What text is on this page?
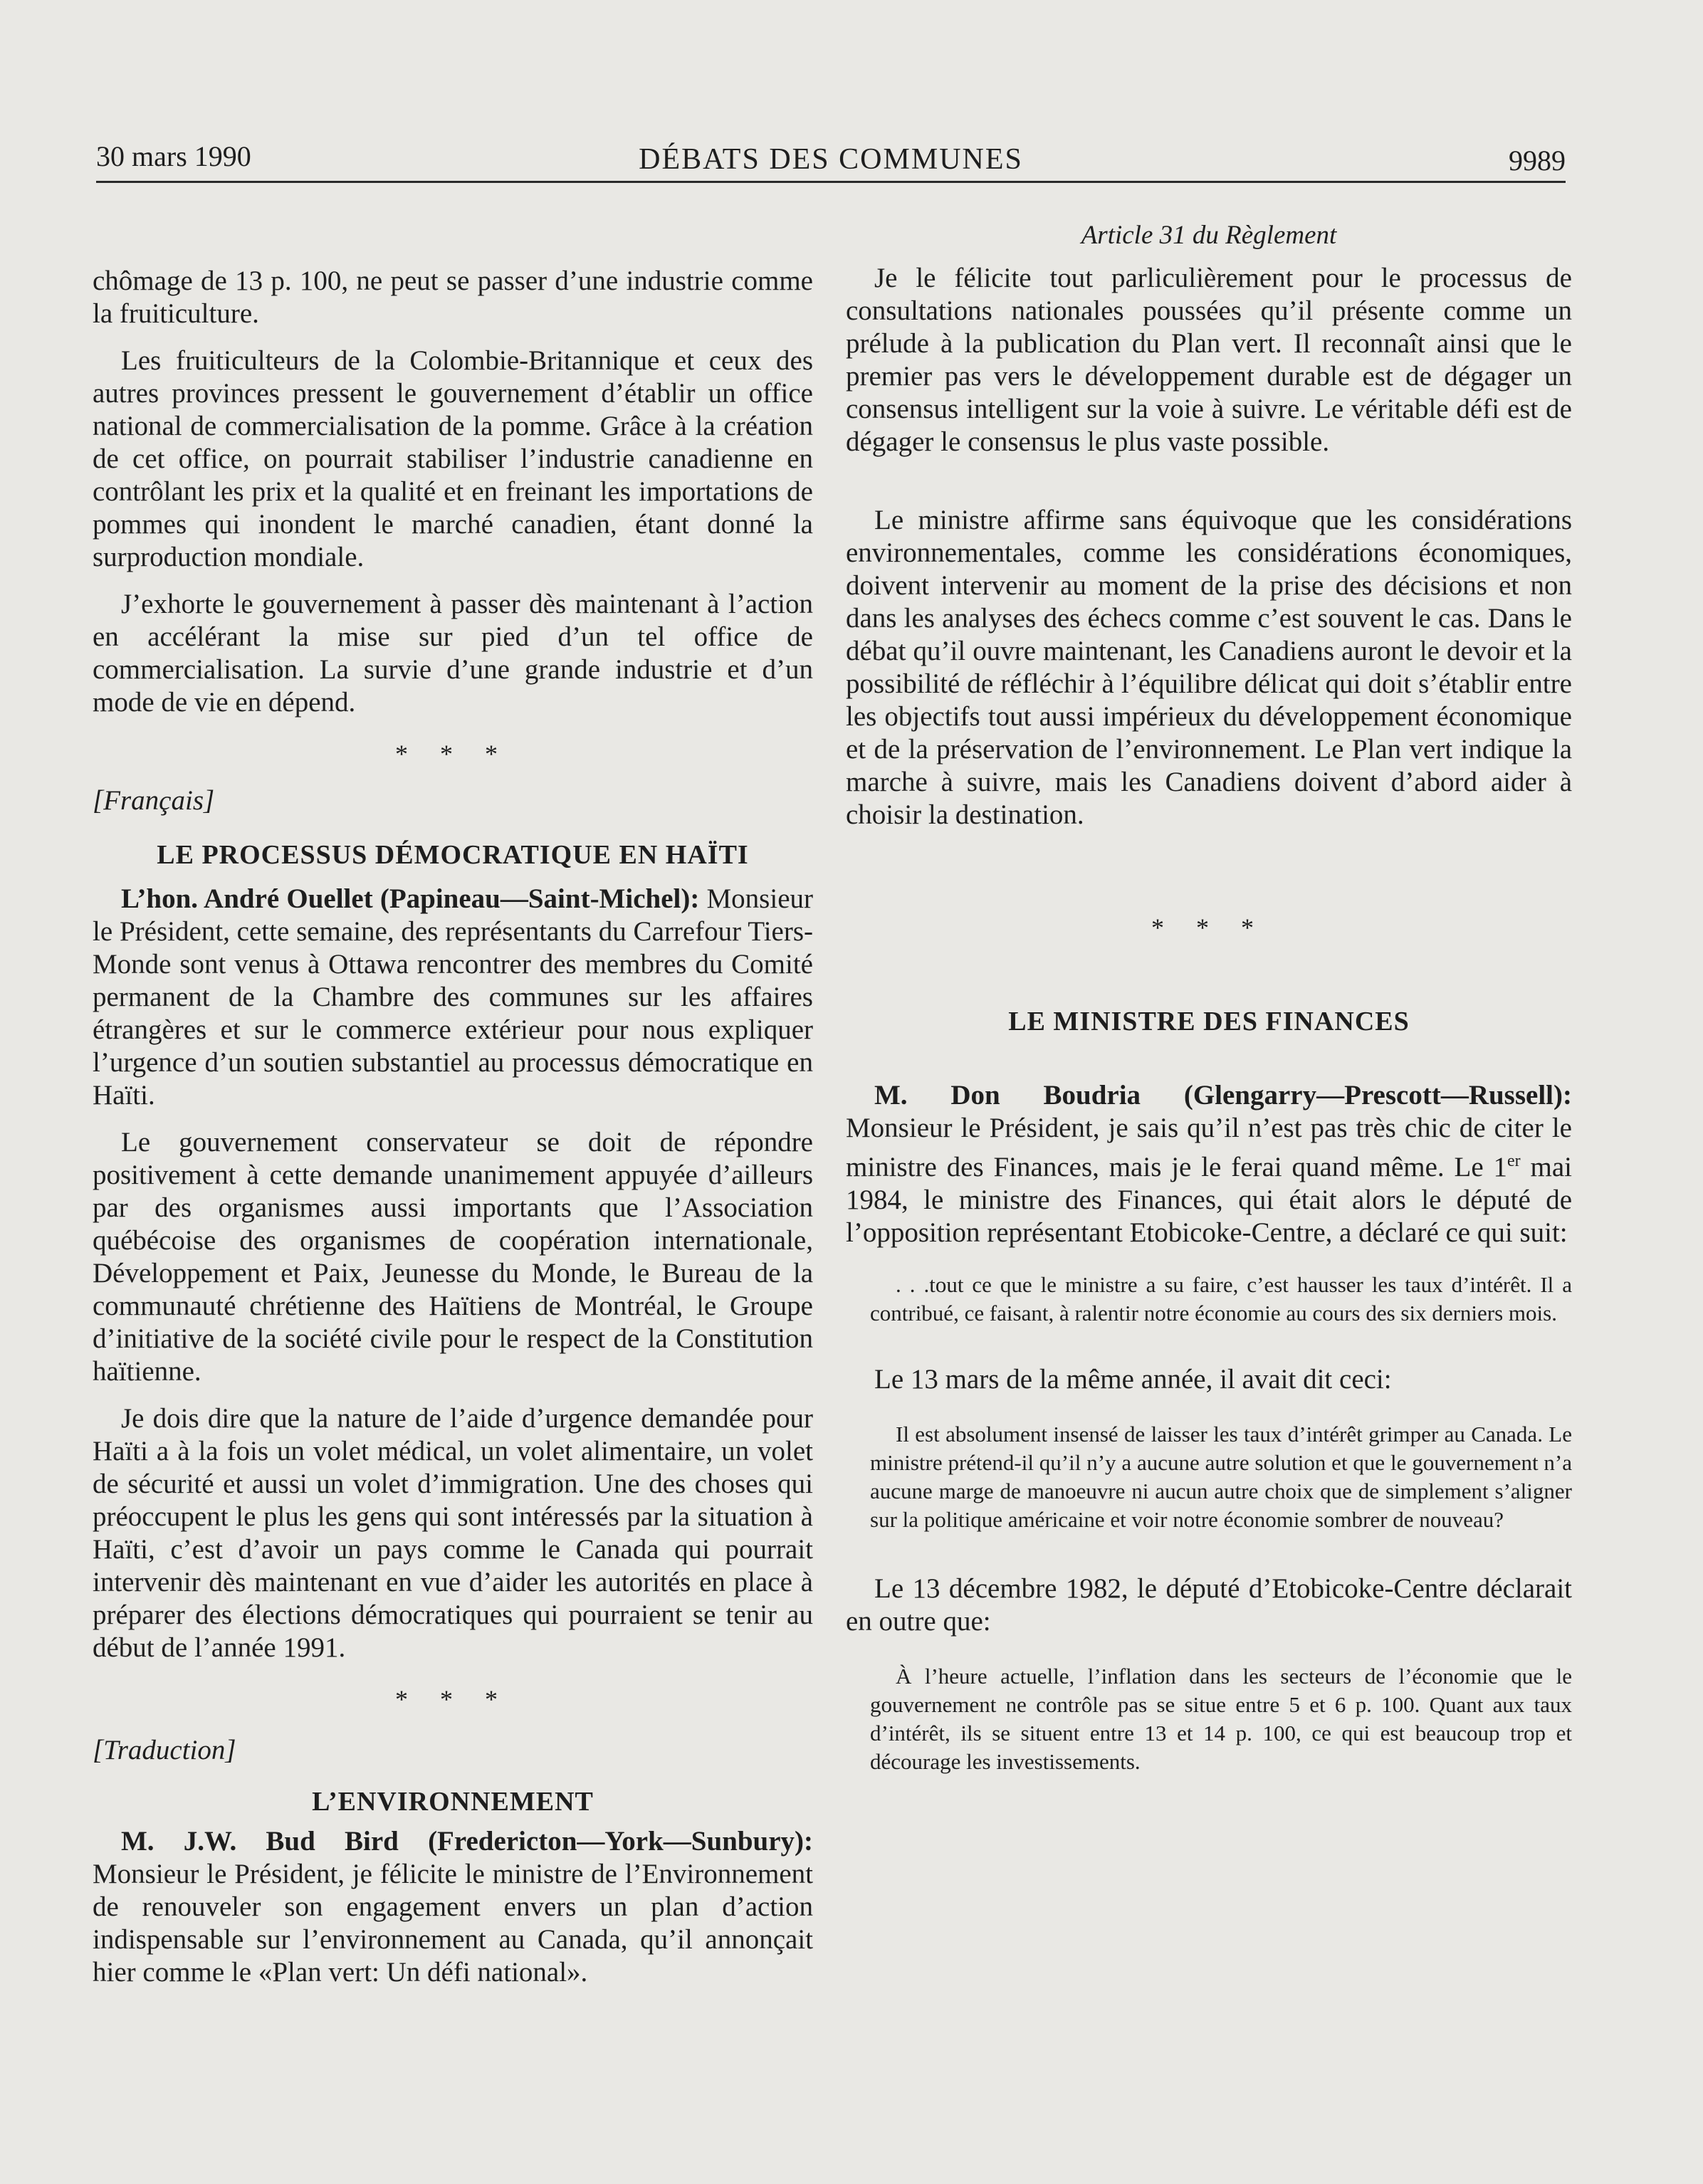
30 mars 1990	DÉBATS DES COMMUNES	9989

chômage de 13 p. 100, ne peut se passer d’une industrie comme la fruiticulture.

Les fruiticulteurs de la Colombie-Britannique et ceux des autres provinces pressent le gouvernement d’établir un office national de commercialisation de la pomme. Grâce à la création de cet office, on pourrait stabiliser l’industrie canadienne en contrôlant les prix et la qualité et en freinant les importations de pommes qui inondent le marché canadien, étant donné la surproduction mondiale.

J’exhorte le gouvernement à passer dès maintenant à l’action en accélérant la mise sur pied d’un tel office de commercialisation. La survie d’une grande industrie et d’un mode de vie en dépend.

* * *

[Français]

LE PROCESSUS DÉMOCRATIQUE EN HAÏTI

L’hon. André Ouellet (Papineau—Saint-Michel): Monsieur le Président, cette semaine, des représentants du Carrefour Tiers-Monde sont venus à Ottawa rencontrer des membres du Comité permanent de la Chambre des communes sur les affaires étrangères et sur le commerce extérieur pour nous expliquer l’urgence d’un soutien substantiel au processus démocratique en Haïti.

Le gouvernement conservateur se doit de répondre positivement à cette demande unanimement appuyée d’ailleurs par des organismes aussi importants que l’Association québécoise des organismes de coopération internationale, Développement et Paix, Jeunesse du Monde, le Bureau de la communauté chrétienne des Haïtiens de Montréal, le Groupe d’initiative de la société civile pour le respect de la Constitution haïtienne.

Je dois dire que la nature de l’aide d’urgence demandée pour Haïti a à la fois un volet médical, un volet alimentaire, un volet de sécurité et aussi un volet d’immigration. Une des choses qui préoccupent le plus les gens qui sont intéressés par la situation à Haïti, c’est d’avoir un pays comme le Canada qui pourrait intervenir dès maintenant en vue d’aider les autorités en place à préparer des élections démocratiques qui pourraient se tenir au début de l’année 1991.

* * *

[Traduction]

L’ENVIRONNEMENT

M. J.W. Bud Bird (Fredericton—York—Sunbury): Monsieur le Président, je félicite le ministre de l’Environnement de renouveler son engagement envers un plan d’action indispensable sur l’environnement au Canada, qu’il annonçait hier comme le «Plan vert: Un défi national».

Article 31 du Règlement

Je le félicite tout parliculièrement pour le processus de consultations nationales poussées qu’il présente comme un prélude à la publication du Plan vert. Il reconnaît ainsi que le premier pas vers le développement durable est de dégager un consensus intelligent sur la voie à suivre. Le véritable défi est de dégager le consensus le plus vaste possible.

Le ministre affirme sans équivoque que les considérations environnementales, comme les considérations économiques, doivent intervenir au moment de la prise des décisions et non dans les analyses des échecs comme c’est souvent le cas. Dans le débat qu’il ouvre maintenant, les Canadiens auront le devoir et la possibilité de réfléchir à l’équilibre délicat qui doit s’établir entre les objectifs tout aussi impérieux du développement économique et de la préservation de l’environnement. Le Plan vert indique la marche à suivre, mais les Canadiens doivent d’abord aider à choisir la destination.

* * *

LE MINISTRE DES FINANCES

M. Don Boudria (Glengarry—Prescott—Russell): Monsieur le Président, je sais qu’il n’est pas très chic de citer le ministre des Finances, mais je le ferai quand même. Le 1er mai 1984, le ministre des Finances, qui était alors le député de l’opposition représentant Etobicoke-Centre, a déclaré ce qui suit:

. . .tout ce que le ministre a su faire, c’est hausser les taux d’intérêt. Il a contribué, ce faisant, à ralentir notre économie au cours des six derniers mois.

Le 13 mars de la même année, il avait dit ceci:

Il est absolument insensé de laisser les taux d’intérêt grimper au Canada. Le ministre prétend-il qu’il n’y a aucune autre solution et que le gouvernement n’a aucune marge de manoeuvre ni aucun autre choix que de simplement s’aligner sur la politique américaine et voir notre économie sombrer de nouveau?

Le 13 décembre 1982, le député d’Etobicoke-Centre déclarait en outre que:

À l’heure actuelle, l’inflation dans les secteurs de l’économie que le gouvernement ne contrôle pas se situe entre 5 et 6 p. 100. Quant aux taux d’intérêt, ils se situent entre 13 et 14 p. 100, ce qui est beaucoup trop et décourage les investissements.
